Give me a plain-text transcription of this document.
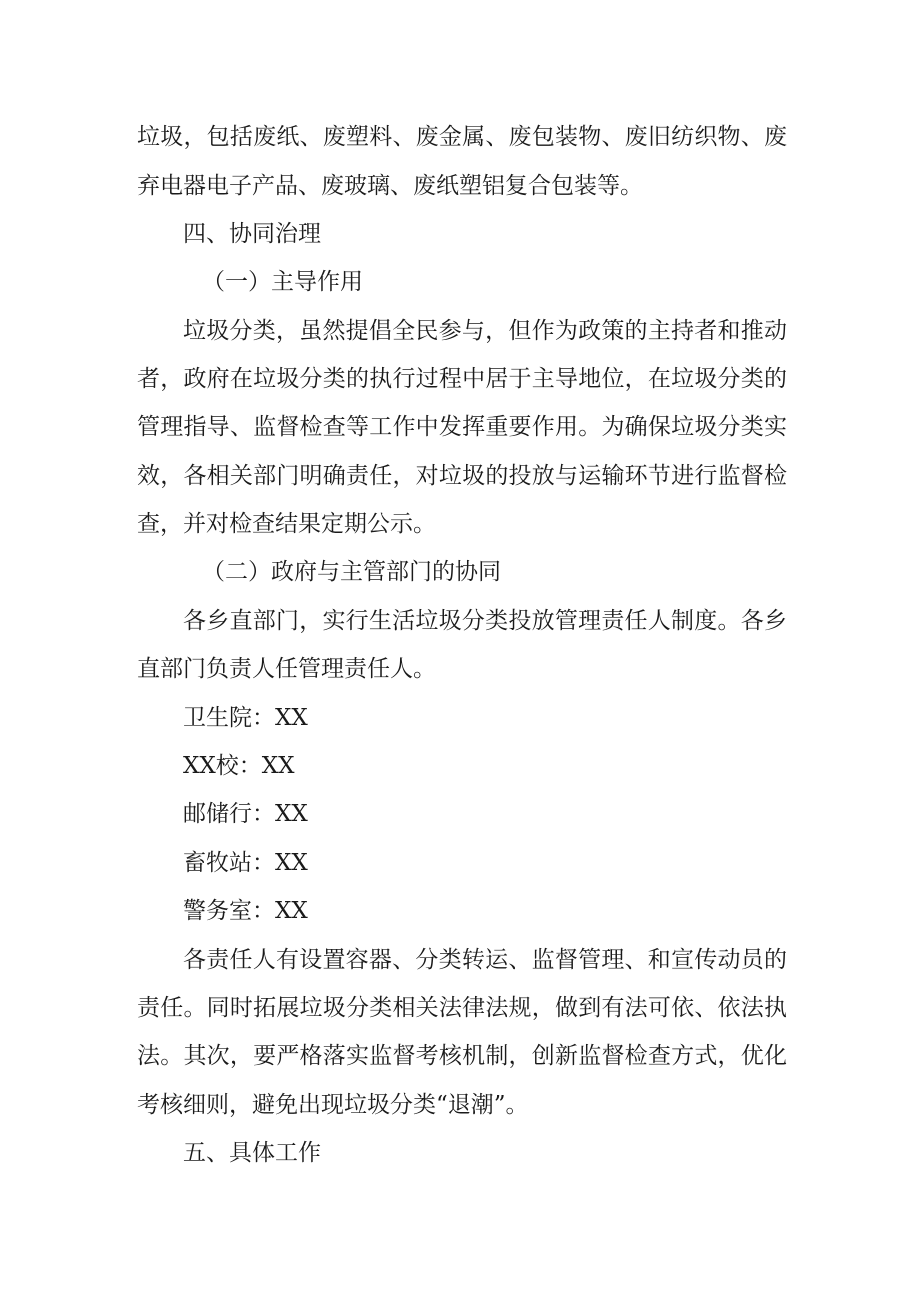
垃圾，包括废纸、废塑料、废金属、废包装物、废旧纺织物、废
弃电器电子产品、废玻璃、废纸塑铝复合包装等。
四、协同治理
（一）主导作用
垃圾分类，虽然提倡全民参与，但作为政策的主持者和推动
者，政府在垃圾分类的执行过程中居于主导地位，在垃圾分类的
管理指导、监督检查等工作中发挥重要作用。为确保垃圾分类实
效，各相关部门明确责任，对垃圾的投放与运输环节进行监督检
查，并对检查结果定期公示。
（二）政府与主管部门的协同
各乡直部门，实行生活垃圾分类投放管理责任人制度。各乡
直部门负责人任管理责任人。
卫生院：XX
XX校：XX
邮储行：XX
畜牧站：XX
警务室：XX
各责任人有设置容器、分类转运、监督管理、和宣传动员的
责任。同时拓展垃圾分类相关法律法规，做到有法可依、依法执
法。其次，要严格落实监督考核机制，创新监督检查方式，优化
考核细则，避免出现垃圾分类“退潮”。
五、具体工作
